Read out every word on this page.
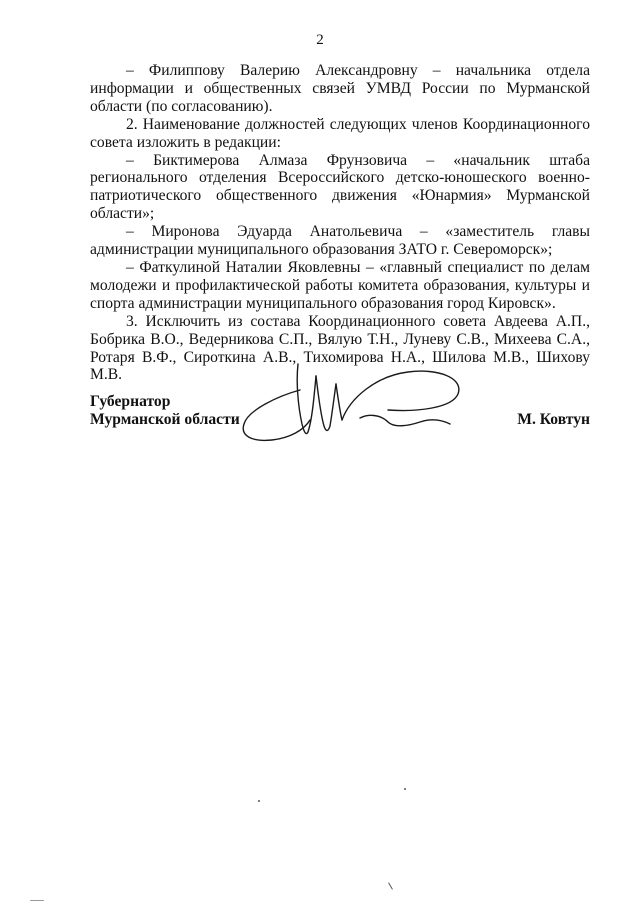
2

– Филиппову Валерию Александровну – начальника отдела информации и общественных связей УМВД России по Мурманской области (по согласованию).

2. Наименование должностей следующих членов Координационного совета изложить в редакции:

– Биктимерова Алмаза Фрунзовича – «начальник штаба регионального отделения Всероссийского детско-юношеского военно-патриотического общественного движения «Юнармия» Мурманской области»;

– Миронова Эдуарда Анатольевича – «заместитель главы администрации муниципального образования ЗАТО г. Североморск»;

– Фаткулиной Наталии Яковлевны – «главный специалист по делам молодежи и профилактической работы комитета образования, культуры и спорта администрации муниципального образования город Кировск».

3. Исключить из состава Координационного совета Авдеева А.П., Бобрика В.О., Ведерникова С.П., Вялую Т.Н., Луневу С.В., Михеева С.А., Ротаря В.Ф., Сироткина А.В., Тихомирова Н.А., Шилова М.В., Шихову М.В.

Губернатор
Мурманской области	М. Ковтун
